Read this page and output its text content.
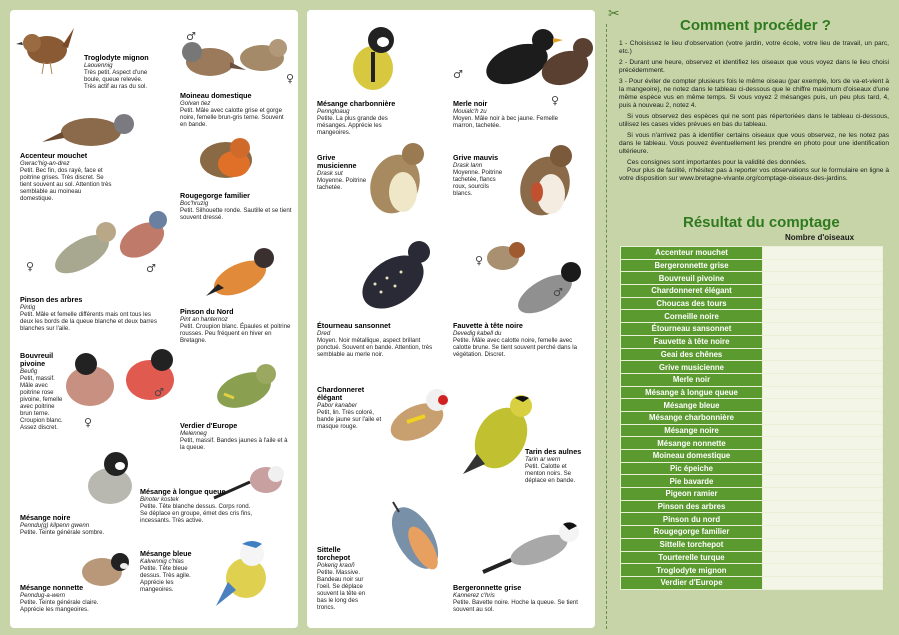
Troglodyte mignon
Laouennig
Très petit. Aspect d'une boule, queue relevée. Très actif au ras du sol.
♂
♀
Moineau domestique
Golvan tiez
Petit. Mâle avec calotte grise et gorge noire, femelle brun-gris terne. Souvent en bande.
Accenteur mouchet
Gwrac'hig-an-drez
Petit. Bec fin, dos rayé, face et poitrine grises. Très discret. Se tient souvent au sol. Attention très semblable au moineau domestique.	Rougegorge familier
Boc'hruzig
Petit. Silhouette ronde. Sautille et se tient souvent dressé.
♀	♂
Pinson des arbres
Pintig
Petit. Mâle et femelle différents mais ont tous les deux les bords de la queue blanche et deux barres blanches sur l'aile.
Pinson du Nord
Pint an hanternoz
Petit. Croupion blanc. Épaules et poitrine rousses. Peu fréquent en hiver en Bretagne.
♀
♂
Bouvreuil pivoine
Beufig
Petit, massif. Mâle avec poitrine rose pivoine, femelle avec poitrine brun terne. Croupion blanc. Assez discret.	Verdier d'Europe
Melenneg
Petit, massif. Bandes jaunes à l'aile et à la queue.
Mésange noire
Penndu(g) kilpenn gwenn
Petite. Teinte générale sombre.
Mésange à longue queue
Binoter kostek
Petite. Tête blanche dessus. Corps rond. Se déplace en groupe, émet des cris fins, incessants. Très active.
Mésange bleue
Kalvennig c'hlas
Petite. Tête bleue dessus. Très agile. Apprécie les mangeoires.
Mésange nonnette
Penndug-a-wern
Petite. Teinte générale claire. Apprécie les mangeoires.
Mésange charbonnière
Penngloaug
Petite. La plus grande des mésanges. Apprécie les mangeoires.
♂
♀
Merle noir
Mouialc'h zu
Moyen. Mâle noir à bec jaune. Femelle marron, tachetée.
Grive musicienne
Drask sut
Moyenne. Poitrine tachetée.
Grive mauvis
Drask lann
Moyenne. Poitrine tachetée, flancs roux, sourcils blancs.
Étourneau sansonnet
Dred
Moyen. Noir métallique, aspect brillant ponctué. Souvent en bande. Attention, très semblable au merle noir.
♀
♂
Fauvette à tête noire
Devedig kabell du
Petite. Mâle avec calotte noire, femelle avec calotte brune. Se tient souvent perché dans la végétation. Discret.
Chardonneret élégant
Pabor kanaber
Petit, lin. Très coloré, bande jaune sur l'aile et masque rouge.
Tarin des aulnes
Tarin ar wern
Petit. Calotte et menton noirs. Se déplace en bande.
Sittelle torchepot
Pokerig kraoñ
Petite. Massive. Bandeau noir sur l'oeil. Se déplace souvent la tête en bas le long des troncs.
Bergeronnette grise
Kannerez c'hris
Petite. Bavette noire. Hoche la queue. Se tient souvent au sol.
✂
Comment procéder ?

1 - Choisissez le lieu d'observation (votre jardin, votre école, votre lieu de travail, un parc, etc.)

2 - Durant une heure, observez et identifiez les oiseaux que vous voyez dans le lieu choisi précédemment.

3 - Pour éviter de compter plusieurs fois le même oiseau (par exemple, lors de va-et-vient à la mangeoire), ne notez dans le tableau ci-dessous que le chiffre maximum d'oiseaux d'une même espèce vus en même temps. Si vous voyez 2 mésanges puis, un peu plus tard, 4, puis à nouveau 2, notez 4.

Si vous observez des espèces qui ne sont pas répertoriées dans le tableau ci-dessous, utilisez les cases vides prévues en bas du tableau.

Si vous n'arrivez pas à identifier certains oiseaux que vous observez, ne les notez pas dans le tableau. Vous pouvez éventuellement les prendre en photo pour une identification ultérieure.

Ces consignes sont importantes pour la validité des données.

Pour plus de facilité, n'hésitez pas à reporter vos observations sur le formulaire en ligne à votre disposition sur www.bretagne-vivante.org/comptage-oiseaux-des-jardins.

Résultat du comptage
Nombre d'oiseaux
Accenteur mouchet	
Bergeronnette grise	
Bouvreuil pivoine	
Chardonneret élégant	
Choucas des tours	
Corneille noire	
Étourneau sansonnet	
Fauvette à tête noire	
Geai des chênes	
Grive musicienne	
Merle noir	
Mésange à longue queue	
Mésange bleue	
Mésange charbonnière	
Mésange noire	
Mésange nonnette	
Moineau domestique	
Pic épeiche	
Pie bavarde	
Pigeon ramier	
Pinson des arbres	
Pinson du nord	
Rougegorge familier	
Sittelle torchepot	
Tourterelle turque	
Troglodyte mignon	
Verdier d'Europe	
